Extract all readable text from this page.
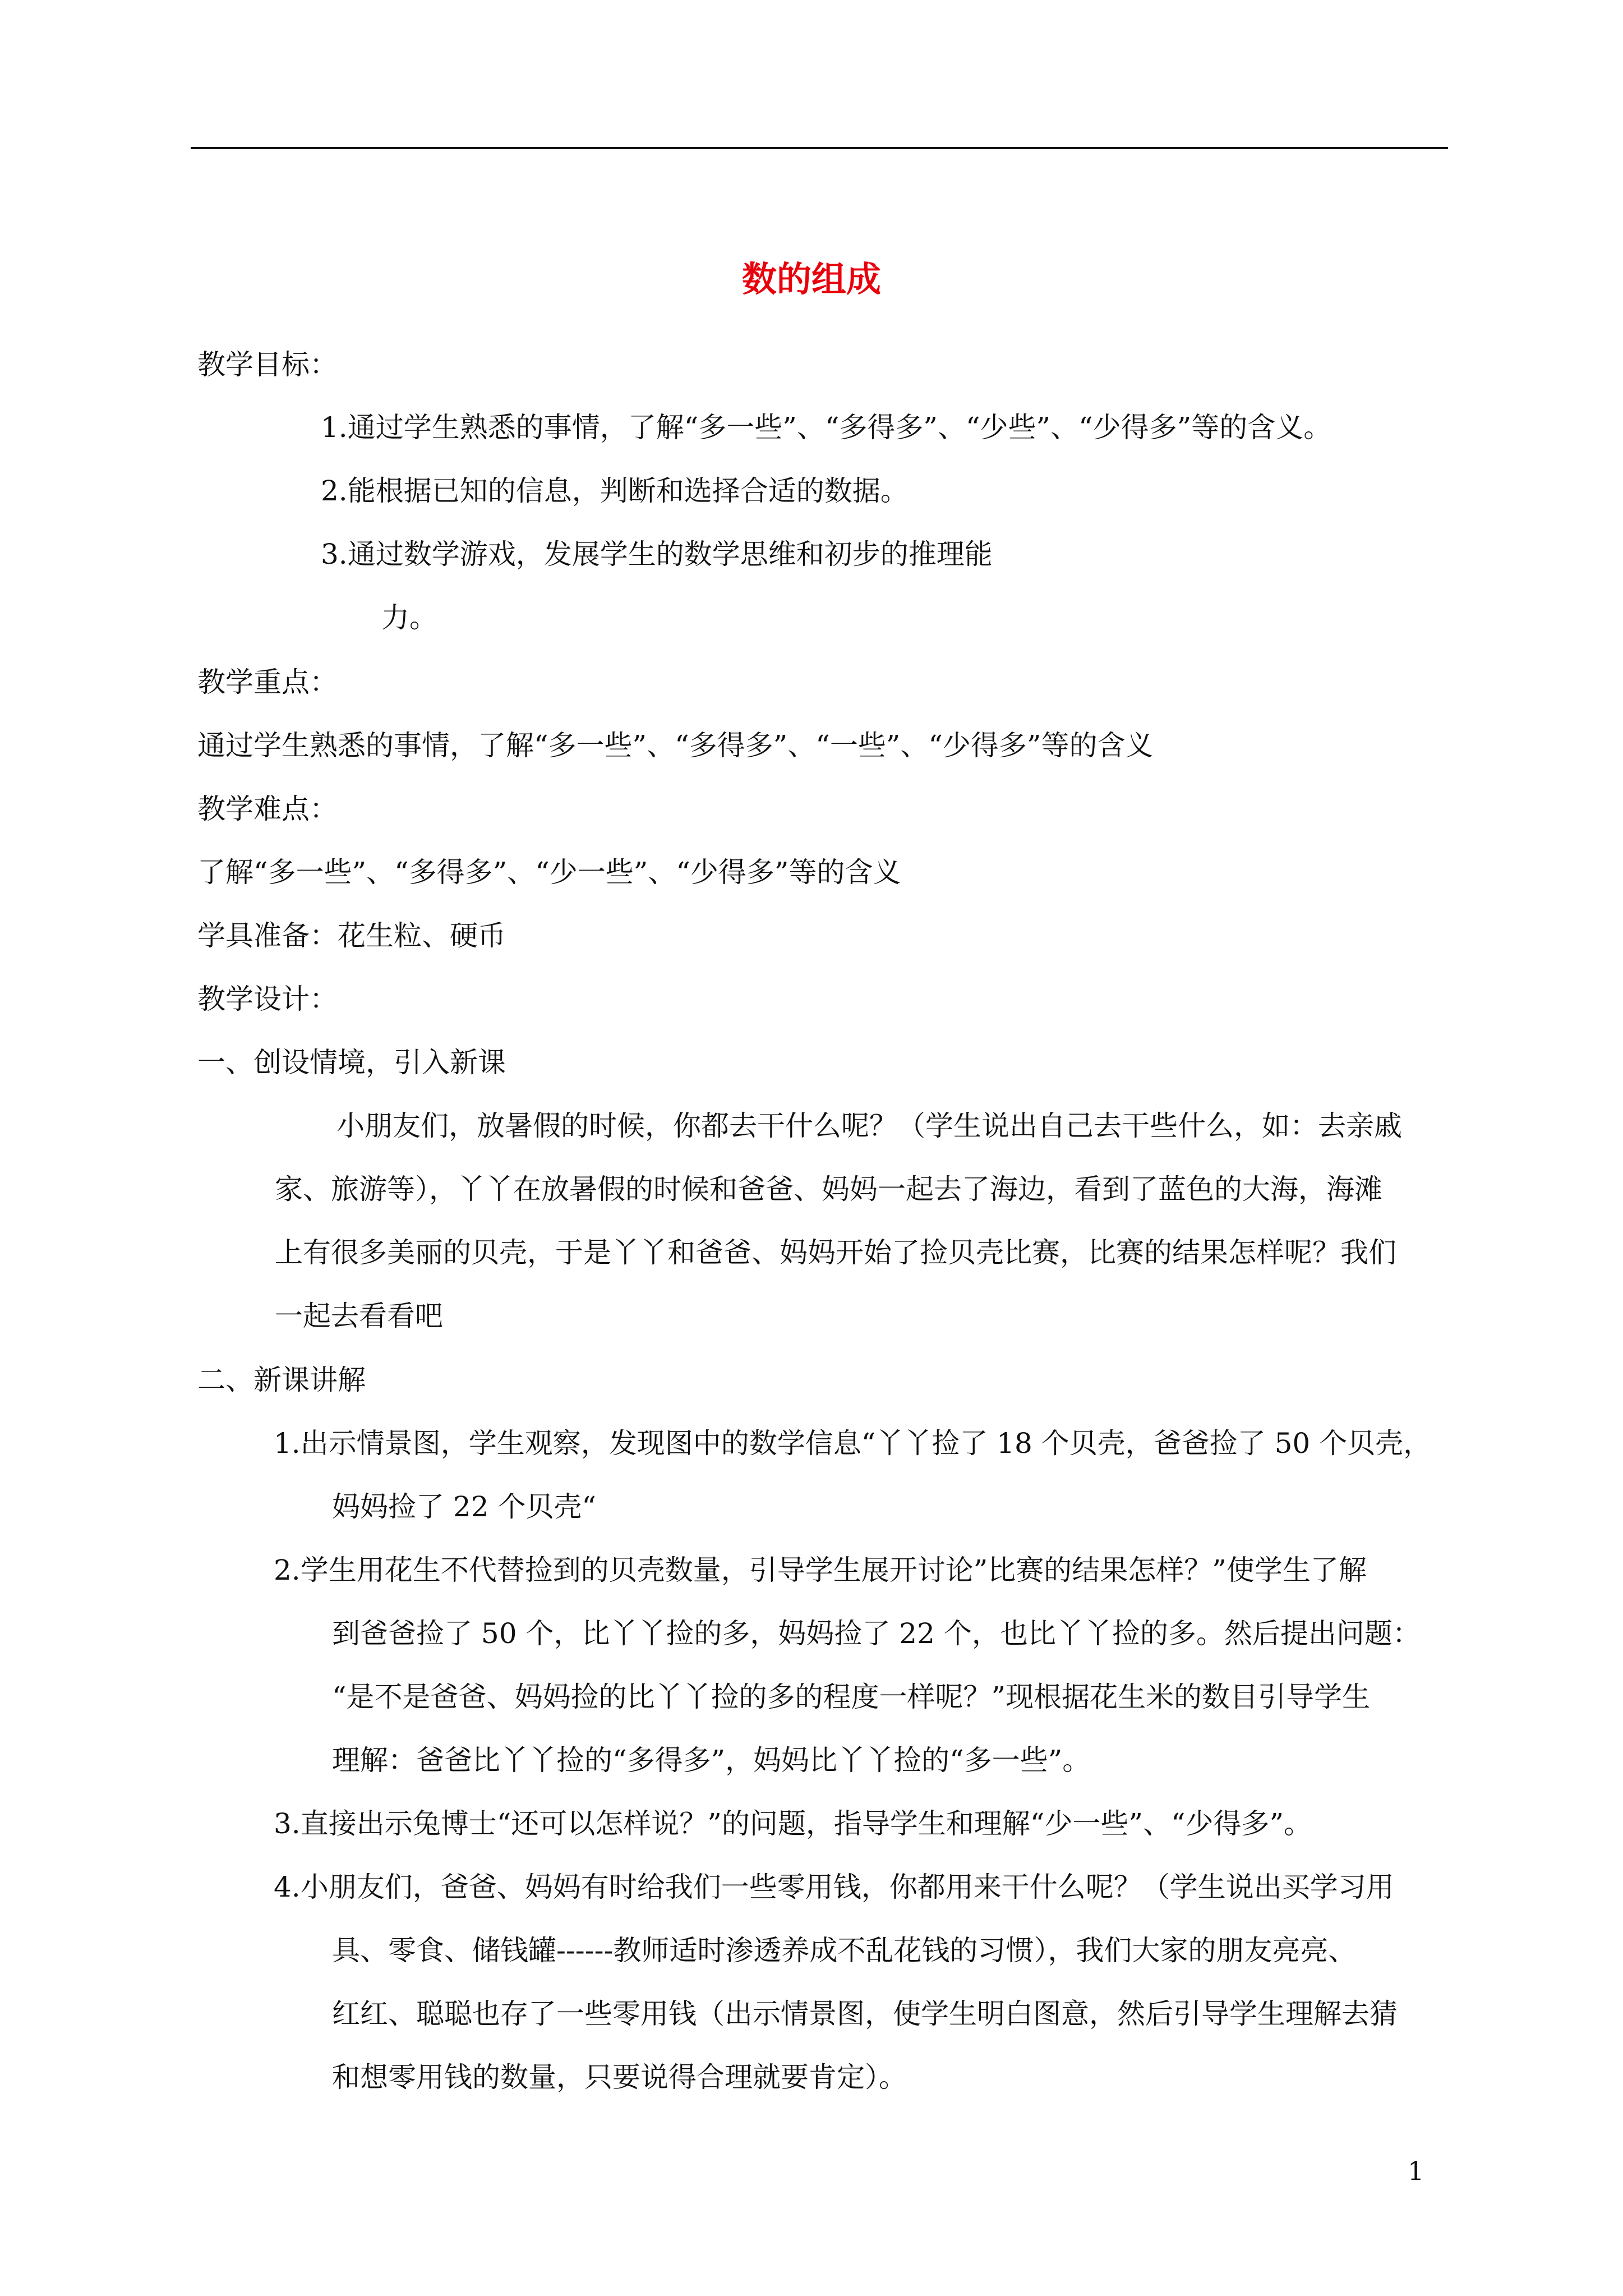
数的组成
教学目标：
1.通过学生熟悉的事情，了解“多一些”、“多得多”、“少些”、“少得多”等的含义。
2.能根据已知的信息，判断和选择合适的数据。
3.通过数学游戏，发展学生的数学思维和初步的推理能
力。
教学重点：
通过学生熟悉的事情，了解“多一些”、“多得多”、“一些”、“少得多”等的含义
教学难点：
了解“多一些”、“多得多”、“少一些”、“少得多”等的含义
学具准备：花生粒、硬币
教学设计：
一、创设情境，引入新课
小朋友们，放暑假的时候，你都去干什么呢？（学生说出自己去干些什么，如：去亲戚
家、旅游等），丫丫在放暑假的时候和爸爸、妈妈一起去了海边，看到了蓝色的大海，海滩
上有很多美丽的贝壳，于是丫丫和爸爸、妈妈开始了捡贝壳比赛，比赛的结果怎样呢？我们
一起去看看吧
二、新课讲解
1.出示情景图，学生观察，发现图中的数学信息“丫丫捡了 18 个贝壳，爸爸捡了 50 个贝壳，
妈妈捡了 22 个贝壳“
2.学生用花生不代替捡到的贝壳数量，引导学生展开讨论”比赛的结果怎样？”使学生了解
到爸爸捡了 50 个，比丫丫捡的多，妈妈捡了 22 个，也比丫丫捡的多。然后提出问题：
“是不是爸爸、妈妈捡的比丫丫捡的多的程度一样呢？”现根据花生米的数目引导学生
理解：爸爸比丫丫捡的“多得多”，妈妈比丫丫捡的“多一些”。
3.直接出示兔博士“还可以怎样说？”的问题，指导学生和理解“少一些”、“少得多”。
4.小朋友们，爸爸、妈妈有时给我们一些零用钱，你都用来干什么呢？（学生说出买学习用
具、零食、储钱罐------教师适时渗透养成不乱花钱的习惯），我们大家的朋友亮亮、
红红、聪聪也存了一些零用钱（出示情景图，使学生明白图意，然后引导学生理解去猜
和想零用钱的数量，只要说得合理就要肯定）。
1
